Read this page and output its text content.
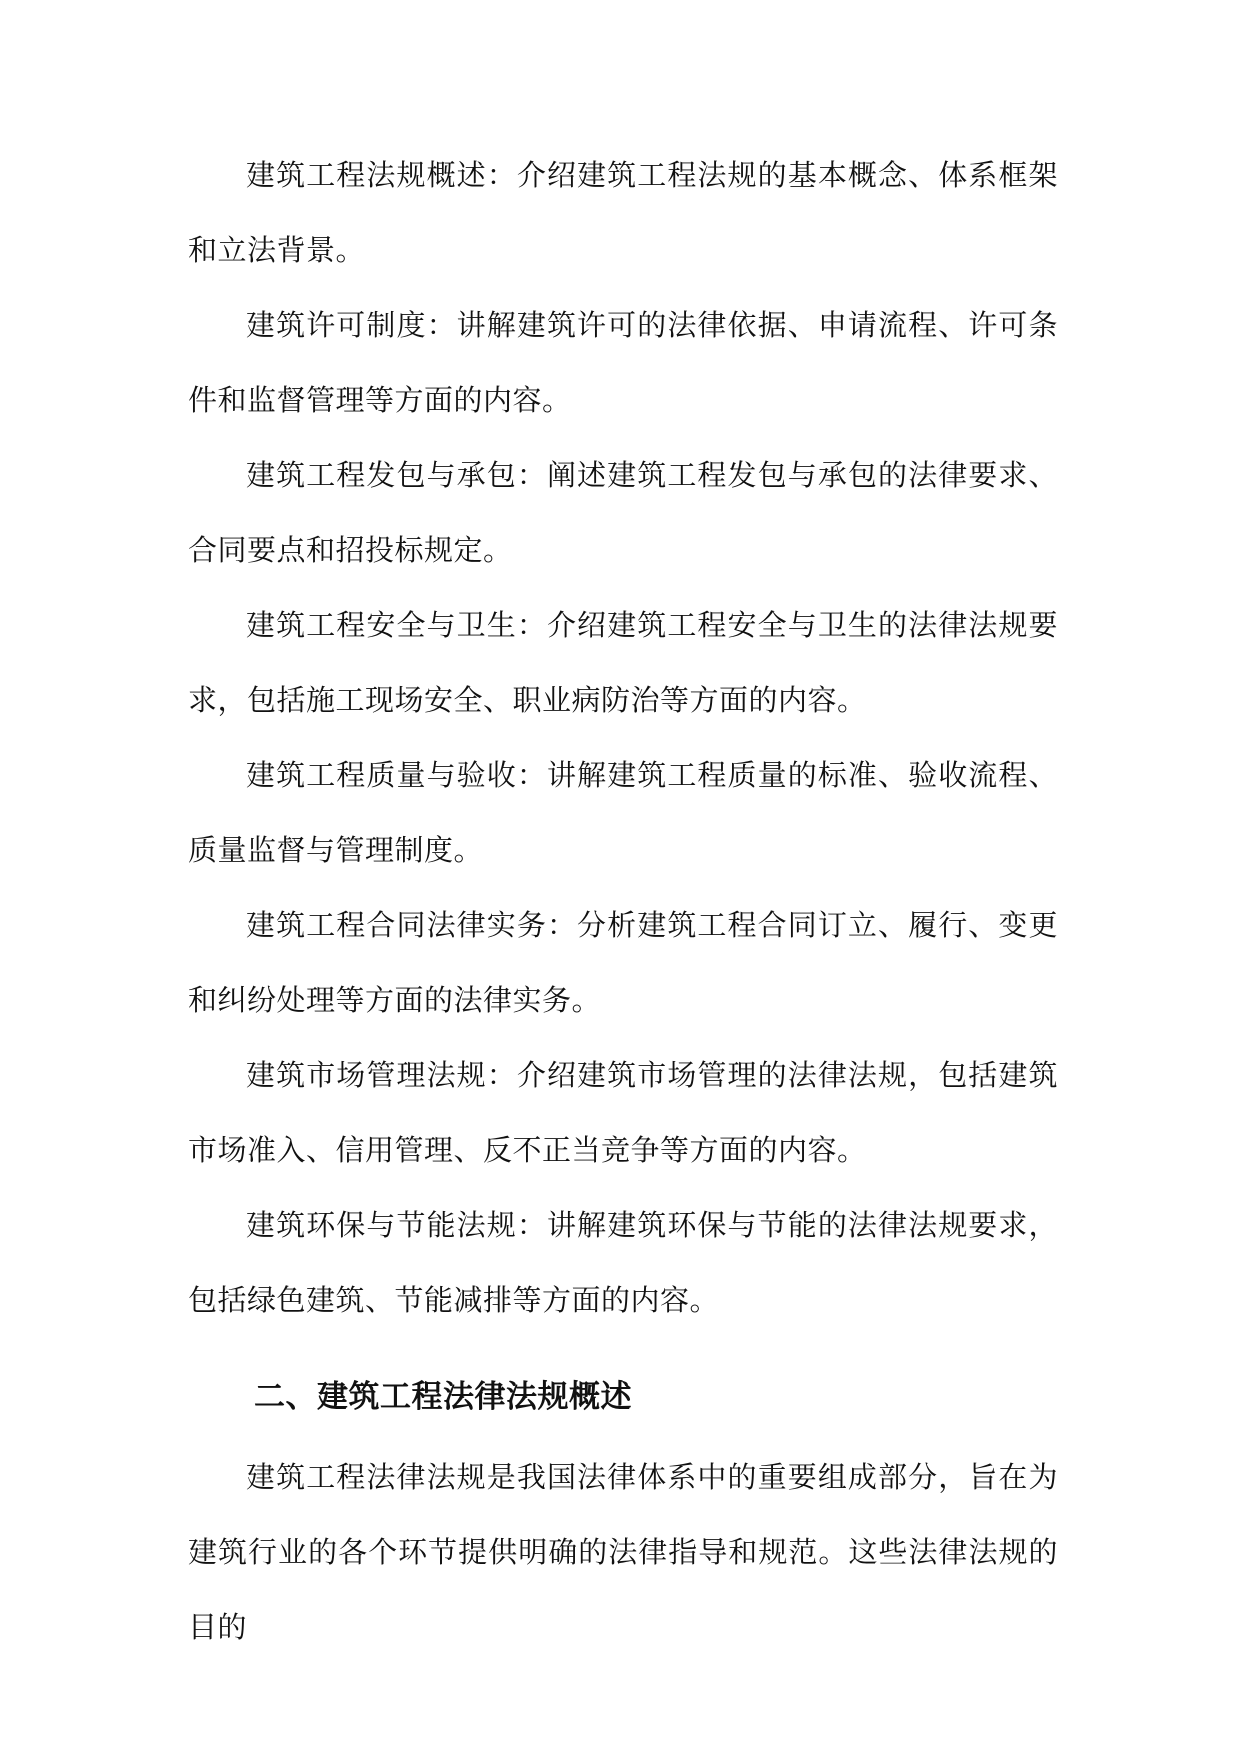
建筑工程法规概述：介绍建筑工程法规的基本概念、体系框架和立法背景。

建筑许可制度：讲解建筑许可的法律依据、申请流程、许可条件和监督管理等方面的内容。

建筑工程发包与承包：阐述建筑工程发包与承包的法律要求、合同要点和招投标规定。

建筑工程安全与卫生：介绍建筑工程安全与卫生的法律法规要求，包括施工现场安全、职业病防治等方面的内容。

建筑工程质量与验收：讲解建筑工程质量的标准、验收流程、质量监督与管理制度。

建筑工程合同法律实务：分析建筑工程合同订立、履行、变更和纠纷处理等方面的法律实务。

建筑市场管理法规：介绍建筑市场管理的法律法规，包括建筑市场准入、信用管理、反不正当竞争等方面的内容。

建筑环保与节能法规：讲解建筑环保与节能的法律法规要求，包括绿色建筑、节能减排等方面的内容。

二、建筑工程法律法规概述

建筑工程法律法规是我国法律体系中的重要组成部分，旨在为建筑行业的各个环节提供明确的法律指导和规范。这些法律法规的目的
